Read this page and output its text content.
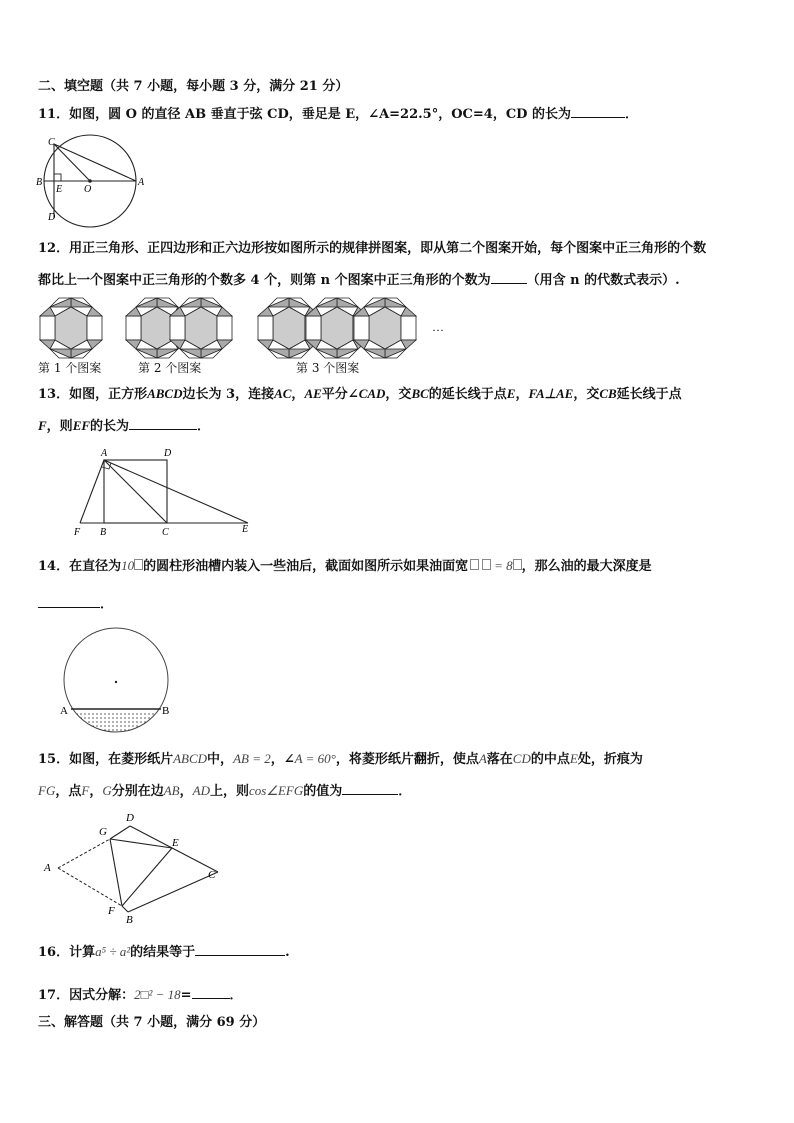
二、填空题（共 7 小题，每小题 3 分，满分 21 分）
11．如图，圆 O 的直径 AB 垂直于弦 CD，垂足是 E，∠A=22.5°，OC=4，CD 的长为	．
C
B
E O
A
D
12．用正三角形、正四边形和正六边形按如图所示的规律拼图案，即从第二个图案开始，每个图案中正三角形的个数
都比上一个图案中正三角形的个数多 4 个，则第 n 个图案中正三角形的个数为	（用含 n 的代数式表示）.
…
第 1 个图案	第 2 个图案	第 3 个图案
13．如图，正方形ABCD边长为 3，连接AC，AE平分∠CAD，交BC的延长线于点E，FA⊥AE，交CB延长线于点
F，则EF的长为	．
A	D
F B	C	E
14．在直径为10 的圆柱形油槽内装入一些油后，截面如图所示如果油面宽 = 8 ，那么油的最大深度是
．
A	B
15．如图，在菱形纸片ABCD中，AB = 2，∠A = 60°，将菱形纸片翻折，使点A落在CD的中点E处，折痕为
FG，点F，G分别在边AB，AD上，则cos∠EFG的值为	．
D
G
E
A
C
F
B
16．计算a⁵ ÷ a²的结果等于	.
17．因式分解：2□² − 18=	．
三、解答题（共 7 小题，满分 69 分）
